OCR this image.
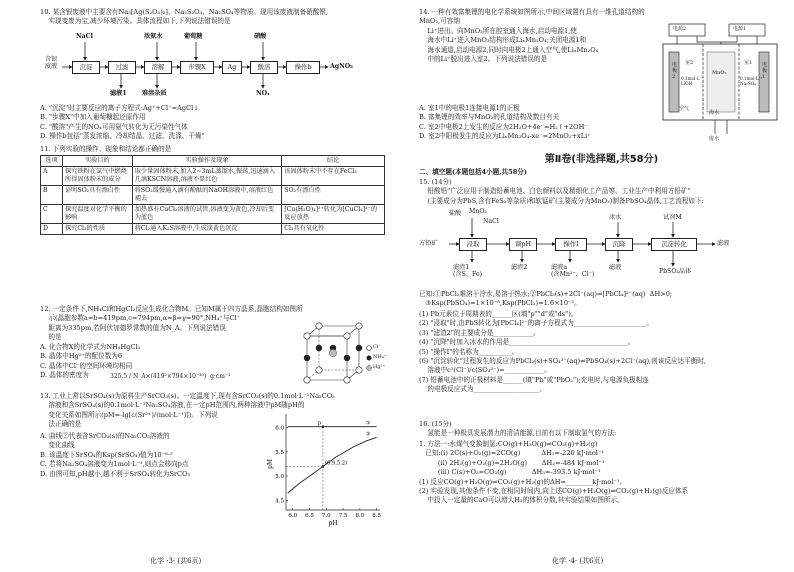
10. 某含银废液中主要含有Na₃[Ag(S₂O₃)₂]、Na₂S₂O₃、Na₂SO₄等物质。现用该废液制备硝酸银,
实现变废为宝,减少环境污染。具体流程如下,下列说法错误的是
含银
废液	沉淀	过滤	溶解	步骤X	Ag	酸溶	操作b	AgNO₃
NaCl	浓氨水	葡萄糖	硝酸
滤液1 难溶杂质	NOₓ
A. "沉淀"时主要反应的离子方程式:Ag⁺+Cl⁻=AgCl↓
B. "步骤X"中加入葡萄糖起还原作用
C. "酸溶"产生的NOₓ可用氨气转化为无污染性气体
D. 操作b包括"蒸发浓缩、冷却结晶、过滤、洗涤、干燥"
11. 下列实验的操作、现象和结论都正确的是
选项	实验目的	实验操作及现象	结论
A	探究铁粉在氯气中燃烧所得固体粉末的成分	取少量固体粉末,加入2~3mL蒸馏水,振荡,迅速滴入几滴KSCN溶液,溶液不显红色	该固体粉末中不存在FeCl₃
B	证明SO₂具有漂白性	将SO₂缓慢通入滴有酚酞的NaOH溶液中,溶液红色褪去	SO₂有漂白性
C	探究温度对化学平衡的影响	加热盛有CuCl₂溶液的试管,溶液变为黄色,冷却后变为蓝色	[Cu(H₂O)₄]²⁺转化为[CuCl₄]²⁻的反应放热
D	探究Cl₂的性质	将Cl₂通入K₂S溶液中,生成淡黄色沉淀	Cl₂具有氧化性
12. 一定条件下,NH₄Cl和HgCl₂反应生成化合物M。已知M属于四方晶系,晶胞结构如图所
示(晶胞参数a=b=419pm,c=794pm,α=β=γ=90°,NH₄⁺与Cl⁻
距离为335pm,若阿伏加德罗常数的值为N_A。下列说法错误
的是
A. 化合物X的化学式为NH₄HgCl₃
B. 晶体中Hg²⁺的配位数为6
C. 晶体中Cl⁻的空间环境均相同
D. 晶体的密度为	325.5 / N_A×(419²×794×10⁻³⁰)  g·cm⁻³
Cl⁻
NH₄⁺
Hg²⁺
13. 工业上常以SrSO₄(s)为原料生产SrCO₃(s)。一定温度下,现有含SrCO₃(s)的0.1mol·L⁻¹Na₂CO₃
溶液和含SrSO₄(s)的0.1mol·L⁻¹Na₂SO₄溶液,在一定pH范围内,两种溶液中pM随pH的
变化关系如图所示(pM=-lg[c(Sr²⁺)/(mol·L⁻¹)])。下列说
法正确的是
A. 曲线②代表含SrCO₃(s)的Na₂CO₃溶液的
变化曲线
B. 该温度下SrSO₄的Ksp(SrSO₄)值为10⁻⁶·⁵
C. 若将Na₂SO₄溶液变为1mol·L⁻¹,则点会移向p点
D. 由图可知,pH越小,越不利于SrSO₄转化为SrCO₃
6.0 6.5 7.0 7.5 8.0 8.5
4.5
5.0
5.5
6.0
pH
pM
p
(6.9,5.2)
①
②
化学 ·3· (共6页)
14. 一种有效富集锂的电化学系统如图所示,中间区域置有具有一维孔道结构的MnO₂,可容纳
Li⁺进出。向MnO₂所在腔室通入海水,启动电源1,使
海水中Li⁺进入MnO₂结构形成LiₓMn₂O₄;关闭电源1和
海水通道,启动电源2,同时向电极2上通入空气,使LiₓMn₂O₄
中的Li⁺脱出进入室2。下列说法错误的是
A. 室1中的电极1连接电源1的正极
B. 富集锂的效率与MnO₂的孔道结构及数目有关
C. 室2中电极2上发生的反应为2H₂O+4e⁻=H₂↑+2OH⁻
D. 室2中阳极发生的反应为LiₓMn₂O₄-xe⁻=2MnO₂+xLi⁺
电源2	电源1
电
极
2
电
极
1
室2	室1
MnO₂
0.1mol·L⁻¹
LiOH
0.1mol·L⁻¹
Na₂SO₄
空气
海水
废水
第Ⅱ卷(非选择题,共58分)
二、填空题(本题包括4小题,共58分)
15. (14分)
铅酸铅"广泛应用于制造铅蓄电池、白色颜料以及精细化工产品等。工业生产中利用方铅矿"
(主要成分为PbS,含有FeS₂等杂质)和软锰矿(主要成分为MnO₂)制备PbSO₄晶体,工艺流程如下:
方铅矿	浸取	调pH	操作I	沉降	沉淀转化
盐酸 MnO₂
NaCl
冰水	试剂M
滤渣1
(含S、Fe)
滤渣2	滤液a
(含Mn²⁺、Cl⁻)
滤液
PbSO₄晶体
滤液
已知:①PbCl₂难溶于冷水,易溶于热水;②PbCl₂(s)+2Cl⁻(aq)⇌[PbCl₄]²⁻(aq)  ΔH>0;
③Ksp(PbSO₄)=1×10⁻⁸,Ksp(PbCl₂)=1.6×10⁻⁵。
(1) Pb元素位于周期表的______区(填"p""d"或"ds")。
(2) "浸取"时,由PbS转化为[PbCl₄]²⁻的离子方程式为______________________。
(3) "滤渣2"的主要成分是____________。
(4) "沉降"时加入冰水的作用是____________________________________。
(5) "操作I"的名称为__________。
(6) "沉淀转化"过程发生的反应为PbCl₂(s)+SO₄²⁻(aq)⇌PbSO₄(s)+2Cl⁻(aq),则该反应达平衡时,
溶液中c²(Cl⁻)/c(SO₄²⁻)=____________。
(7) 铅蓄电池中的正极材料是______(填"Pb"或"PbO₂");充电时,与电源负极相连
的电极反应式为____________________。
16. (15分)
氢能是一种极具发展潜力的清洁能源,目前有以下制取氢气的方法:
1. 方法一:水煤气变换制氢:CO(g)+H₂O(g)⇌CO₂(g)+H₂(g)
已知:(i) 2C(s)+O₂(g)=2CO(g)          ΔH₁=-220 kJ·mol⁻¹
(ii) 2H₂(g)+O₂(g)=2H₂O(g)       ΔH₂=-484 kJ·mol⁻¹
(iii) C(s)+O₂=CO₂(g)            ΔH₃=-393.5 kJ·mol⁻¹
(1) 反应CO(g)+H₂O(g)⇌CO₂(g)+H₂(g)的ΔH=________kJ·mol⁻¹。
(2) 实验发现,其他条件不变,在相同时间内,向上述CO(g)+H₂O(g)⇌CO₂(g)+H₂(g)反应体系
中投入一定量的CaO可以增大H₂的体积分数,其实验结果如图所示。
化学 ·4· (共6页)
